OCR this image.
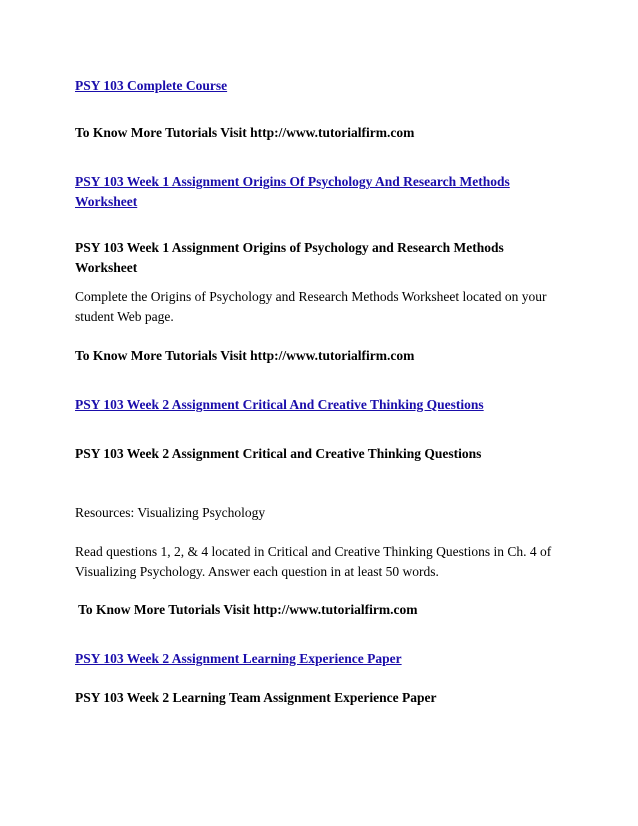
PSY 103 Complete Course

To Know More Tutorials Visit http://www.tutorialfirm.com

PSY 103 Week 1 Assignment Origins Of Psychology And Research Methods Worksheet

PSY 103 Week 1 Assignment Origins of Psychology and Research Methods Worksheet

Complete the Origins of Psychology and Research Methods Worksheet located on your student Web page.

To Know More Tutorials Visit http://www.tutorialfirm.com

PSY 103 Week 2 Assignment Critical And Creative Thinking Questions

PSY 103 Week 2 Assignment Critical and Creative Thinking Questions

Resources: Visualizing Psychology

Read questions 1, 2, & 4 located in Critical and Creative Thinking Questions in Ch. 4 of Visualizing Psychology. Answer each question in at least 50 words.

To Know More Tutorials Visit http://www.tutorialfirm.com

PSY 103 Week 2 Assignment Learning Experience Paper

PSY 103 Week 2 Learning Team Assignment Experience Paper
